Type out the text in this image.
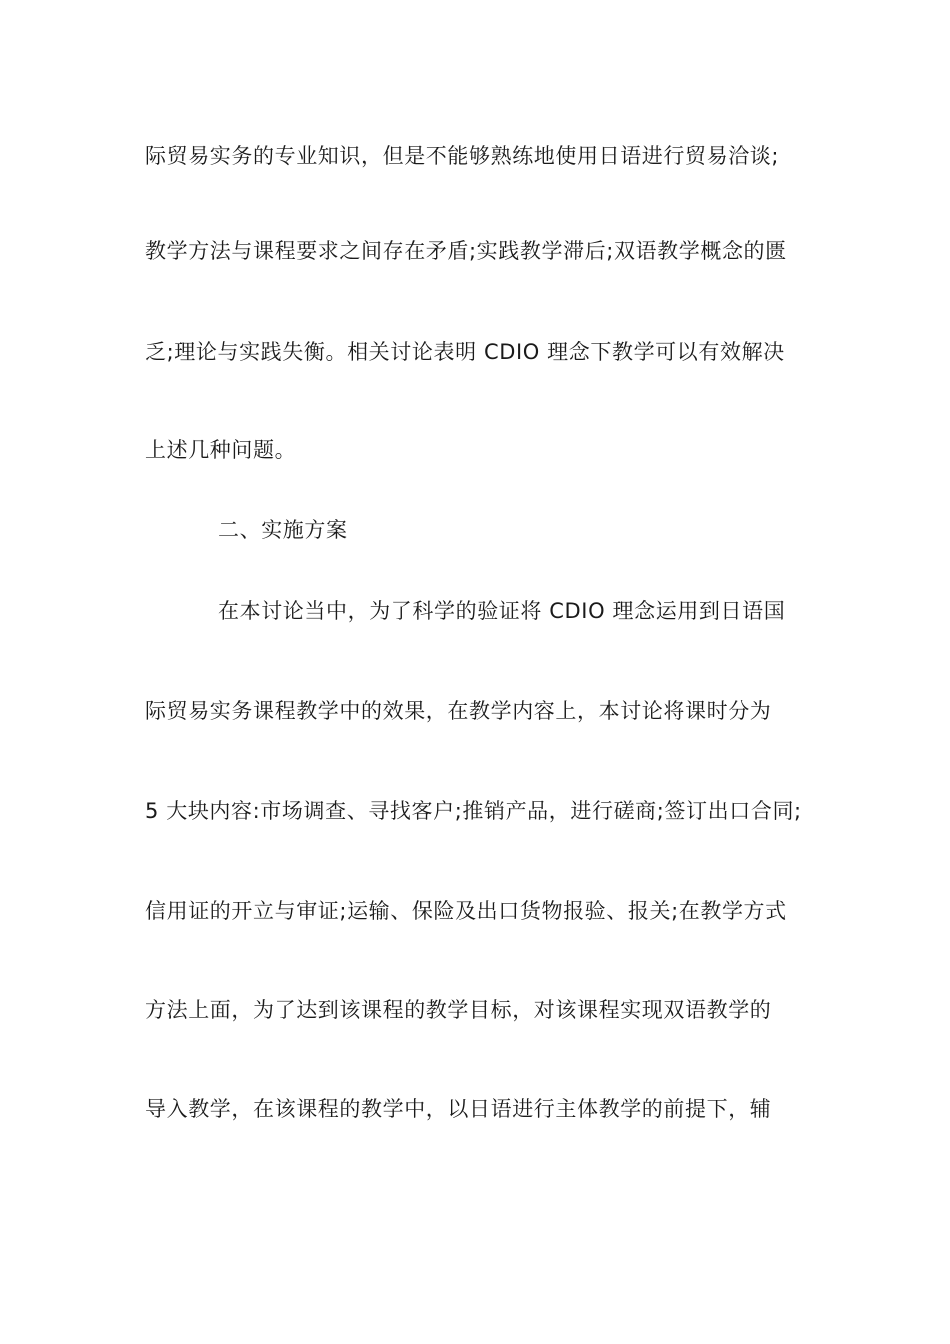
际贸易实务的专业知识，但是不能够熟练地使用日语进行贸易洽谈;
教学方法与课程要求之间存在矛盾;实践教学滞后;双语教学概念的匮
乏;理论与实践失衡。相关讨论表明 CDIO 理念下教学可以有效解决
上述几种问题。
二、实施方案
在本讨论当中，为了科学的验证将 CDIO 理念运用到日语国
际贸易实务课程教学中的效果，在教学内容上，本讨论将课时分为
5 大块内容:市场调查、寻找客户;推销产品，进行磋商;签订出口合同;
信用证的开立与审证;运输、保险及出口货物报验、报关;在教学方式
方法上面，为了达到该课程的教学目标，对该课程实现双语教学的
导入教学，在该课程的教学中，以日语进行主体教学的前提下，辅
